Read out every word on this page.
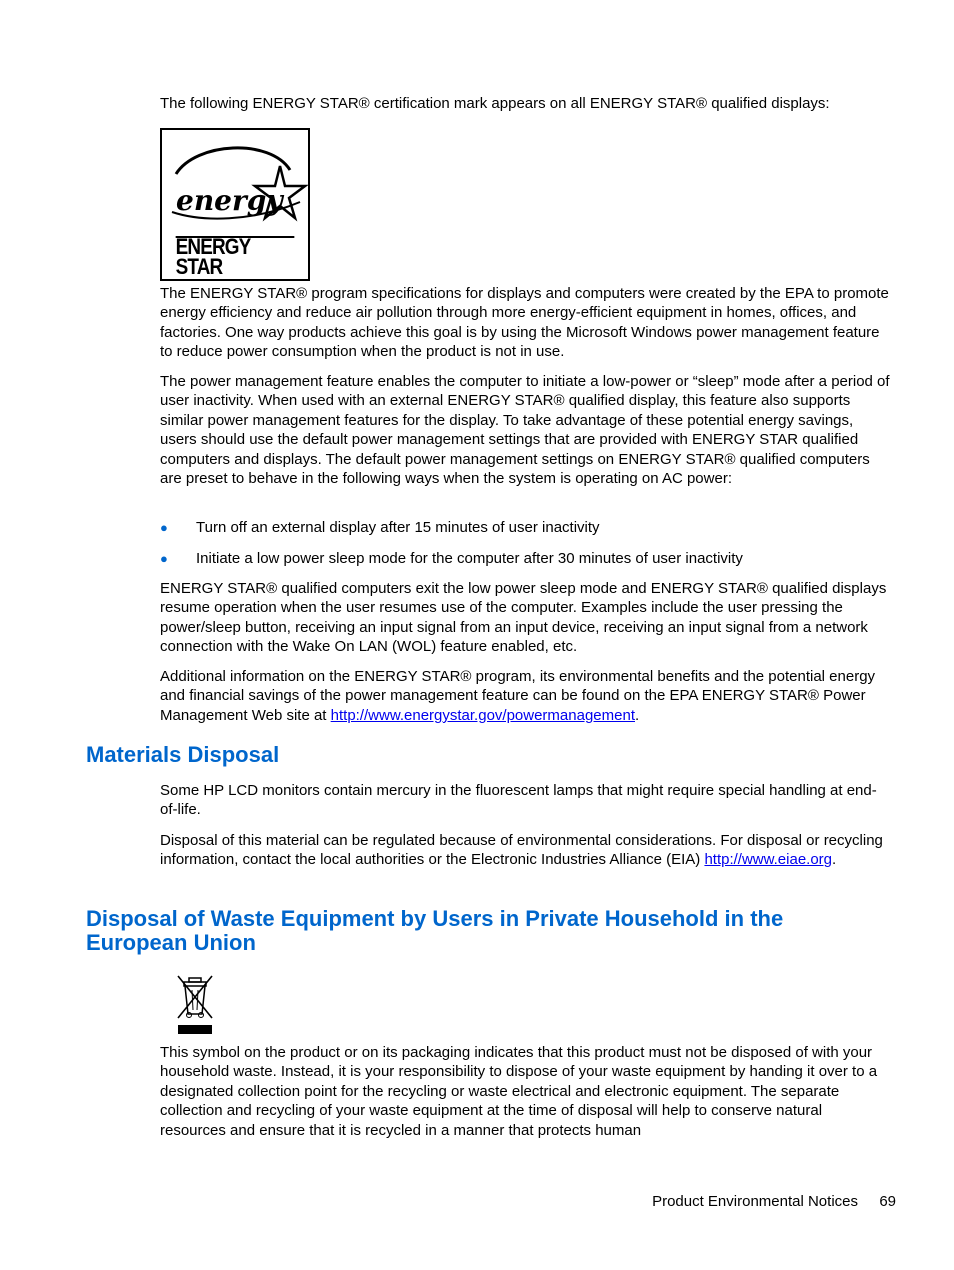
The following ENERGY STAR® certification mark appears on all ENERGY STAR® qualified displays:

energy
ENERGY STAR

The ENERGY STAR® program specifications for displays and computers were created by the EPA to promote energy efficiency and reduce air pollution through more energy-efficient equipment in homes, offices, and factories. One way products achieve this goal is by using the Microsoft Windows power management feature to reduce power consumption when the product is not in use.

The power management feature enables the computer to initiate a low-power or “sleep” mode after a period of user inactivity. When used with an external ENERGY STAR® qualified display, this feature also supports similar power management features for the display. To take advantage of these potential energy savings, users should use the default power management settings that are provided with ENERGY STAR qualified computers and displays. The default power management settings on ENERGY STAR® qualified computers are preset to behave in the following ways when the system is operating on AC power:

● Turn off an external display after 15 minutes of user inactivity

● Initiate a low power sleep mode for the computer after 30 minutes of user inactivity

ENERGY STAR® qualified computers exit the low power sleep mode and ENERGY STAR® qualified displays resume operation when the user resumes use of the computer. Examples include the user pressing the power/sleep button, receiving an input signal from an input device, receiving an input signal from a network connection with the Wake On LAN (WOL) feature enabled, etc.

Additional information on the ENERGY STAR® program, its environmental benefits and the potential energy and financial savings of the power management feature can be found on the EPA ENERGY STAR® Power Management Web site at http://www.energystar.gov/powermanagement.

Materials Disposal

Some HP LCD monitors contain mercury in the fluorescent lamps that might require special handling at end-of-life.

Disposal of this material can be regulated because of environmental considerations. For disposal or recycling information, contact the local authorities or the Electronic Industries Alliance (EIA) http://www.eiae.org.

Disposal of Waste Equipment by Users in Private Household in the European Union

This symbol on the product or on its packaging indicates that this product must not be disposed of with your household waste. Instead, it is your responsibility to dispose of your waste equipment by handing it over to a designated collection point for the recycling or waste electrical and electronic equipment. The separate collection and recycling of your waste equipment at the time of disposal will help to conserve natural resources and ensure that it is recycled in a manner that protects human

Product Environmental Notices 69
